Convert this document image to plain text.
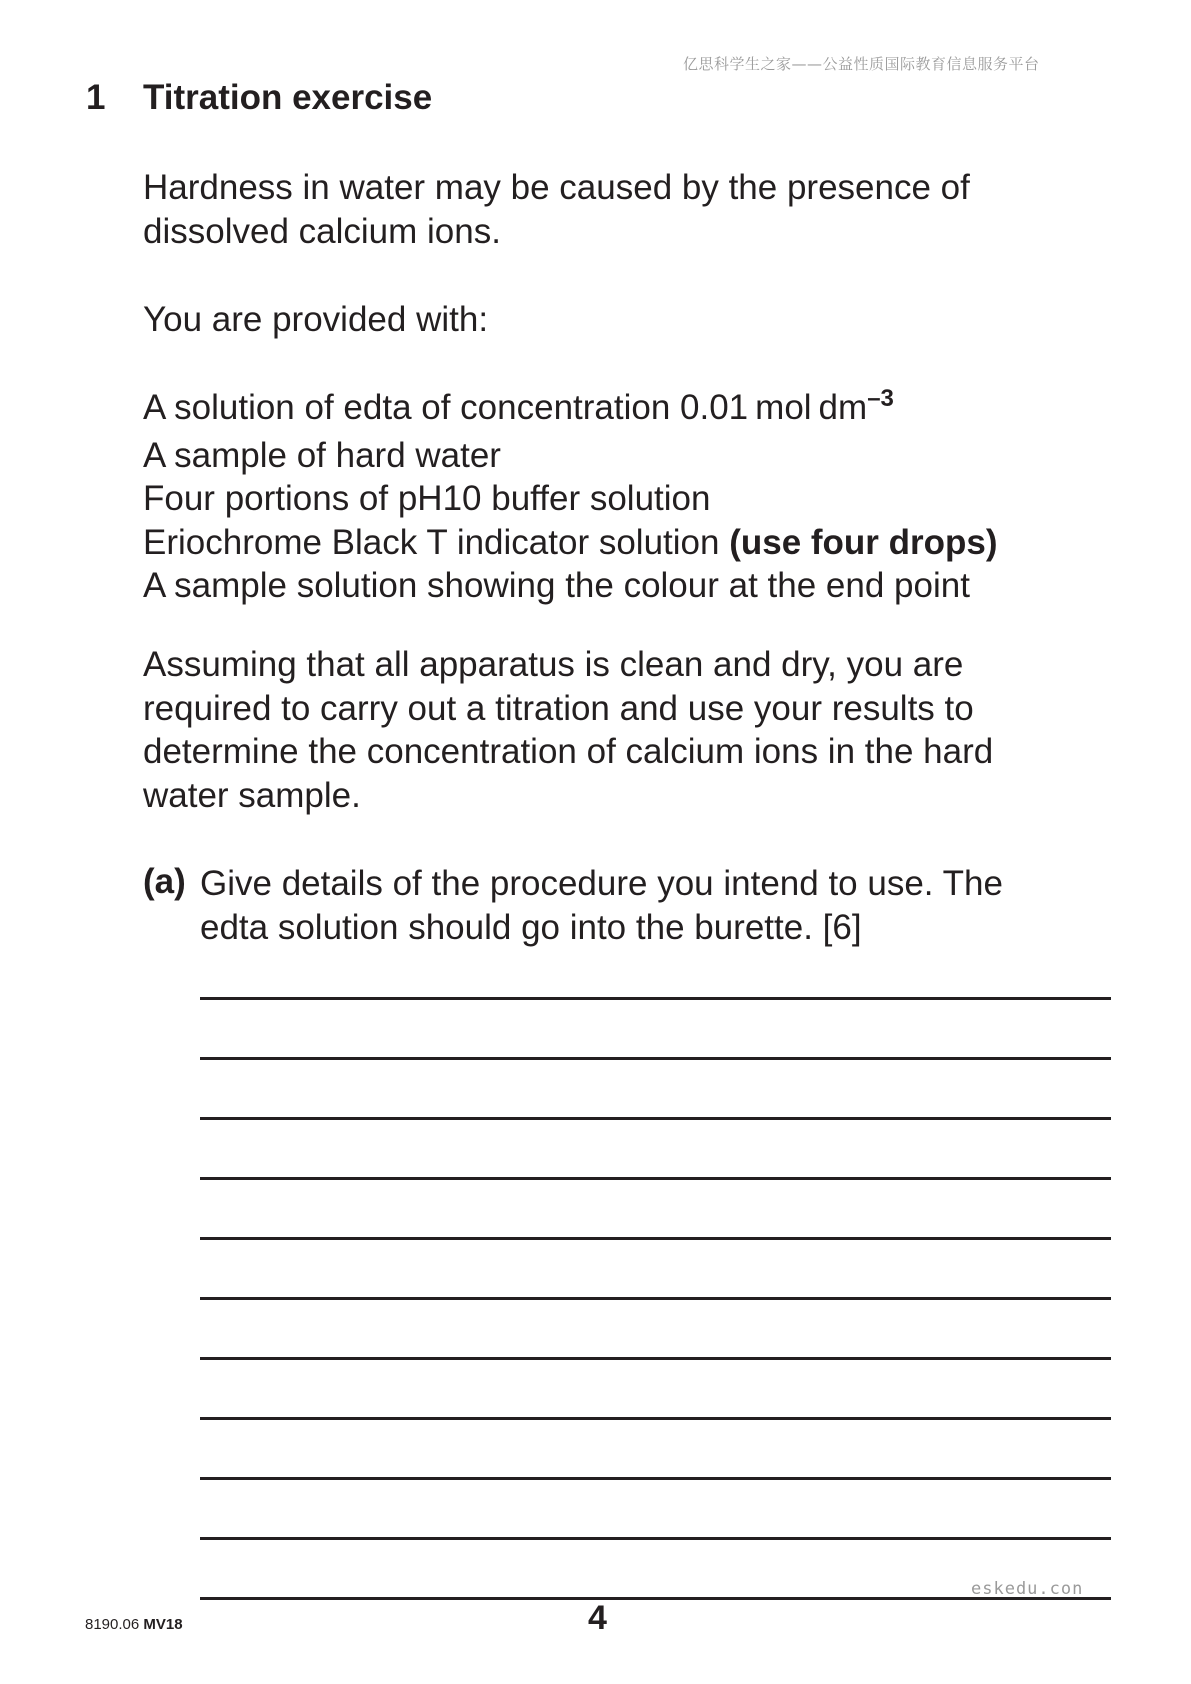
亿思科学生之家——公益性质国际教育信息服务平台
1 Titration exercise
Hardness in water may be caused by the presence of
dissolved calcium ions.
You are provided with:
A solution of edta of concentration 0.01 mol $dm^{-3}$
A sample of hard water
Four portions of pH10 buffer solution
Eriochrome Black T indicator solution (use four drops)
A sample solution showing the colour at the end point
Assuming that all apparatus is clean and dry, you are
required to carry out a titration and use your results to
determine the concentration of calcium ions in the hard
water sample.
(a) Give details of the procedure you intend to use. The
edta solution should go into the burette. [6]
eskedu.con
8190.06 MV18	4
